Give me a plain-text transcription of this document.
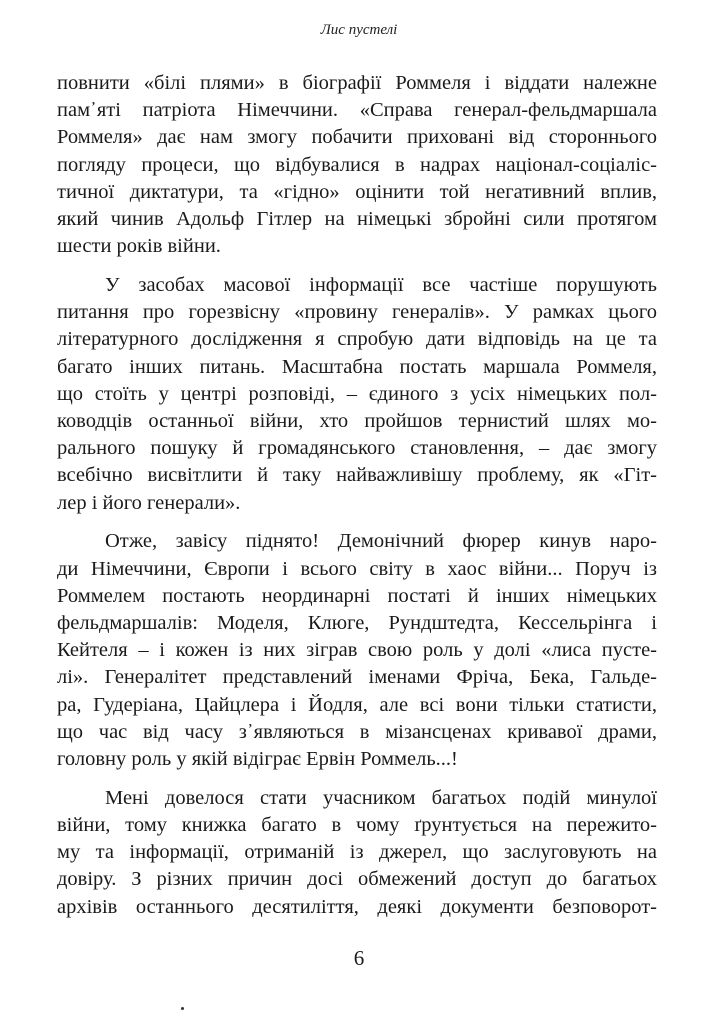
Лис пустелі

повнити «білі плями» в біографії Роммеля і віддати належне
пам᾿яті патріота Німеччини. «Справа генерал-фельдмаршала
Роммеля» дає нам змогу побачити приховані від стороннього
погляду процеси, що відбувалися в надрах націонал-соціаліс-
тичної диктатури, та «гідно» оцінити той негативний вплив,
який чинив Адольф Гітлер на німецькі збройні сили протягом
шести років війни.

У засобах масової інформації все частіше порушують
питання про горезвісну «провину генералів». У рамках цього
літературного дослідження я спробую дати відповідь на це та
багато інших питань. Масштабна постать маршала Роммеля,
що стоїть у центрі розповіді, – єдиного з усіх німецьких пол-
ководців останньої війни, хто пройшов тернистий шлях мо-
рального пошуку й громадянського становлення, – дає змогу
всебічно висвітлити й таку найважливішу проблему, як «Гіт-
лер і його генерали».

Отже, завісу піднято! Демонічний фюрер кинув наро-
ди Німеччини, Європи і всього світу в хаос війни... Поруч із
Роммелем постають неординарні постаті й інших німецьких
фельдмаршалів: Моделя, Клюге, Рундштедта, Кессельрінга і
Кейтеля – і кожен із них зіграв свою роль у долі «лиса пусте-
лі». Генералітет представлений іменами Фріча, Бека, Гальде-
ра, Гудеріана, Цайцлера і Йодля, але всі вони тільки статисти,
що час від часу з᾿являються в мізансценах кривавої драми,
головну роль у якій відіграє Ервін Роммель...!

Мені довелося стати учасником багатьох подій минулої
війни, тому книжка багато в чому ґрунтується на пережито-
му та інформації, отриманій із джерел, що заслуговують на
довіру. З різних причин досі обмежений доступ до багатьох
архівів останнього десятиліття, деякі документи безповорот-

6
